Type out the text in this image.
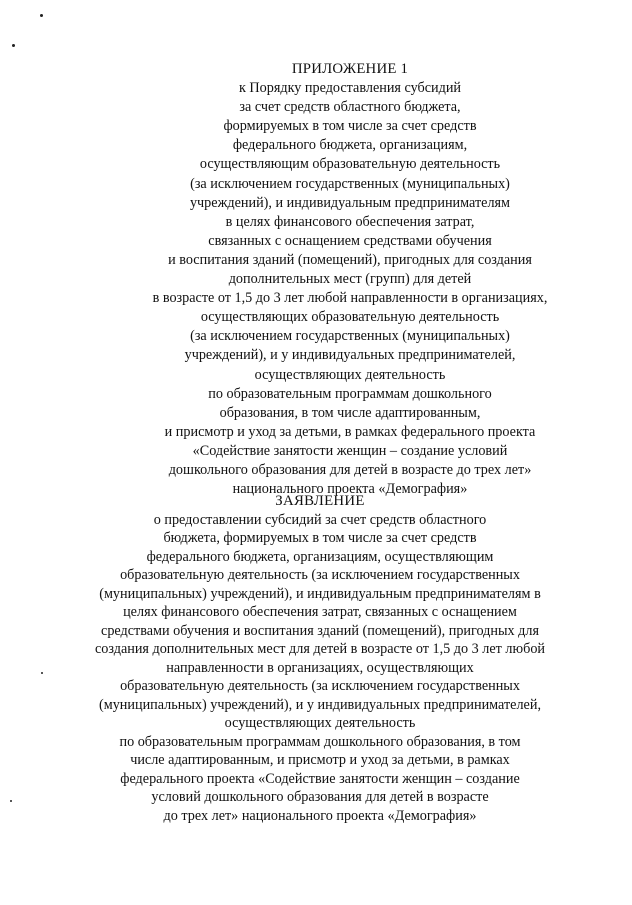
ПРИЛОЖЕНИЕ 1
к Порядку предоставления субсидий
за счет средств областного бюджета,
формируемых в том числе за счет средств
федерального бюджета, организациям,
осуществляющим образовательную деятельность
(за исключением государственных (муниципальных)
учреждений), и индивидуальным предпринимателям
в целях финансового обеспечения затрат,
связанных с оснащением средствами обучения
и воспитания зданий (помещений), пригодных для создания
дополнительных мест (групп) для детей
в возрасте от 1,5 до 3 лет любой направленности в организациях,
осуществляющих образовательную деятельность
(за исключением государственных (муниципальных)
учреждений), и у индивидуальных предпринимателей,
осуществляющих деятельность
по образовательным программам дошкольного
образования, в том числе адаптированным,
и присмотр и уход за детьми, в рамках федерального проекта
«Содействие занятости женщин – создание условий
дошкольного образования для детей в возрасте до трех лет»
национального проекта «Демография»
ЗАЯВЛЕНИЕ
о предоставлении субсидий за счет средств областного
бюджета, формируемых в том числе за счет средств
федерального бюджета, организациям, осуществляющим
образовательную деятельность (за исключением государственных
(муниципальных) учреждений), и индивидуальным предпринимателям в
целях финансового обеспечения затрат, связанных с оснащением
средствами обучения и воспитания зданий (помещений), пригодных для
создания дополнительных мест для детей в возрасте от 1,5 до 3 лет любой
направленности в организациях, осуществляющих
образовательную деятельность (за исключением государственных
(муниципальных) учреждений), и у индивидуальных предпринимателей,
осуществляющих деятельность
по образовательным программам дошкольного образования, в том
числе адаптированным, и присмотр и уход за детьми, в рамках
федерального проекта «Содействие занятости женщин – создание
условий дошкольного образования для детей в возрасте
до трех лет» национального проекта «Демография»
